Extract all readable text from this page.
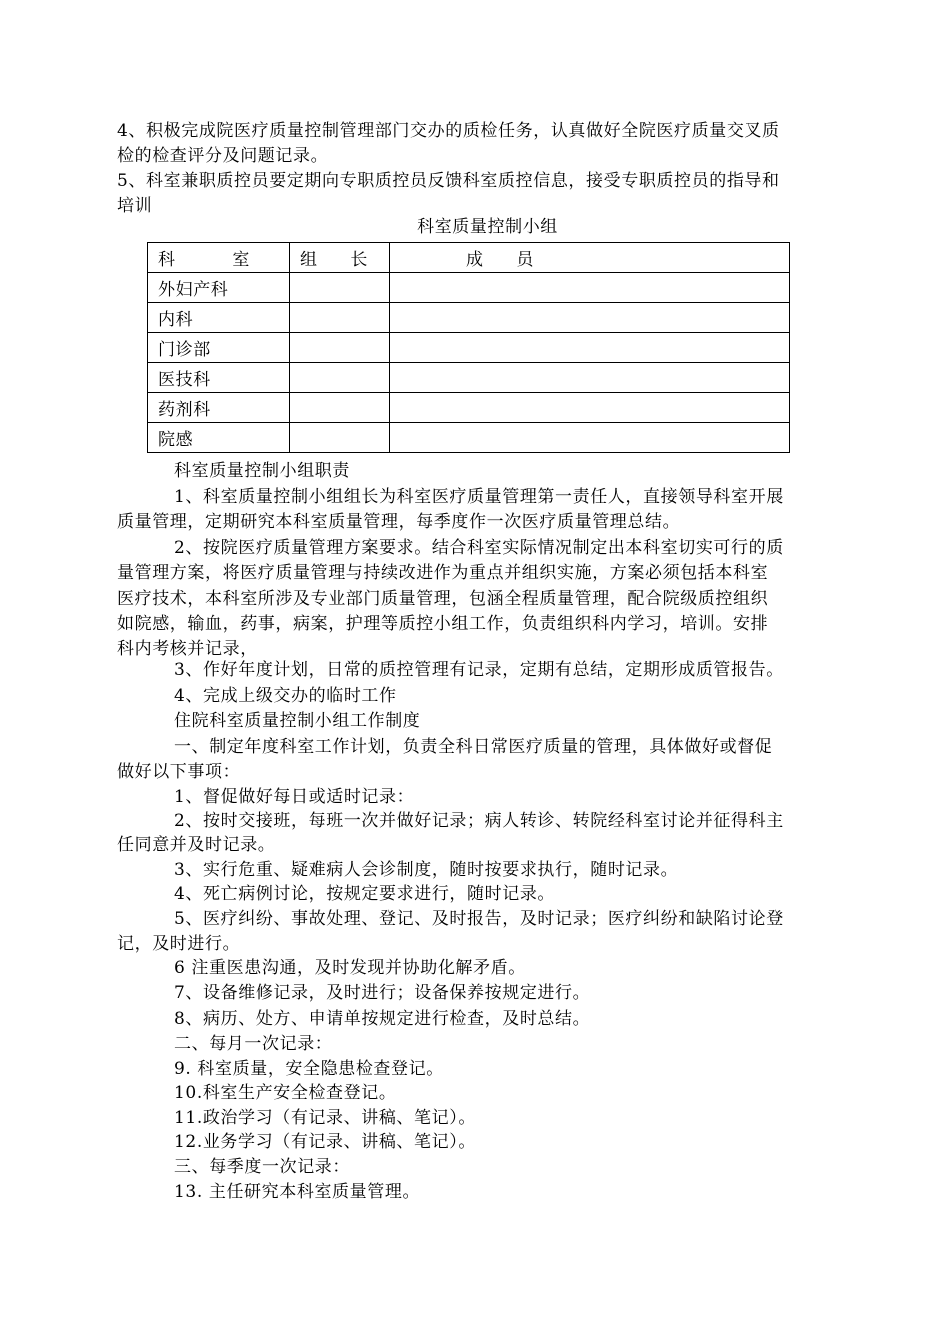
4、积极完成院医疗质量控制管理部门交办的质检任务，认真做好全院医疗质量交叉质
检的检查评分及问题记录。
5、科室兼职质控员要定期向专职质控员反馈科室质控信息，接受专职质控员的指导和
培训
科室质量控制小组
科 室	组 长	成 员
外妇产科		
内科		
门诊部		
医技科		
药剂科		
院感		
科室质量控制小组职责
1、科室质量控制小组组长为科室医疗质量管理第一责任人，直接领导科室开展
质量管理，定期研究本科室质量管理，每季度作一次医疗质量管理总结。
2、按院医疗质量管理方案要求。结合科室实际情况制定出本科室切实可行的质
量管理方案，将医疗质量管理与持续改进作为重点并组织实施，方案必须包括本科室
医疗技术，本科室所涉及专业部门质量管理，包涵全程质量管理，配合院级质控组织
如院感，输血，药事，病案，护理等质控小组工作，负责组织科内学习，培训。安排
科内考核并记录，
3、作好年度计划，日常的质控管理有记录，定期有总结，定期形成质管报告。
4、完成上级交办的临时工作
住院科室质量控制小组工作制度
一、制定年度科室工作计划，负责全科日常医疗质量的管理，具体做好或督促
做好以下事项：
1、督促做好每日或适时记录：
2、按时交接班，每班一次并做好记录；病人转诊、转院经科室讨论并征得科主
任同意并及时记录。
3、实行危重、疑难病人会诊制度，随时按要求执行，随时记录。
4、死亡病例讨论，按规定要求进行，随时记录。
5、医疗纠纷、事故处理、登记、及时报告，及时记录；医疗纠纷和缺陷讨论登
记，及时进行。
6 注重医患沟通，及时发现并协助化解矛盾。
7、设备维修记录，及时进行；设备保养按规定进行。
8、病历、处方、申请单按规定进行检查，及时总结。
二、每月一次记录：
9. 科室质量，安全隐患检查登记。
10.科室生产安全检查登记。
11.政治学习（有记录、讲稿、笔记）。
12.业务学习（有记录、讲稿、笔记）。
三、每季度一次记录：
13. 主任研究本科室质量管理。
